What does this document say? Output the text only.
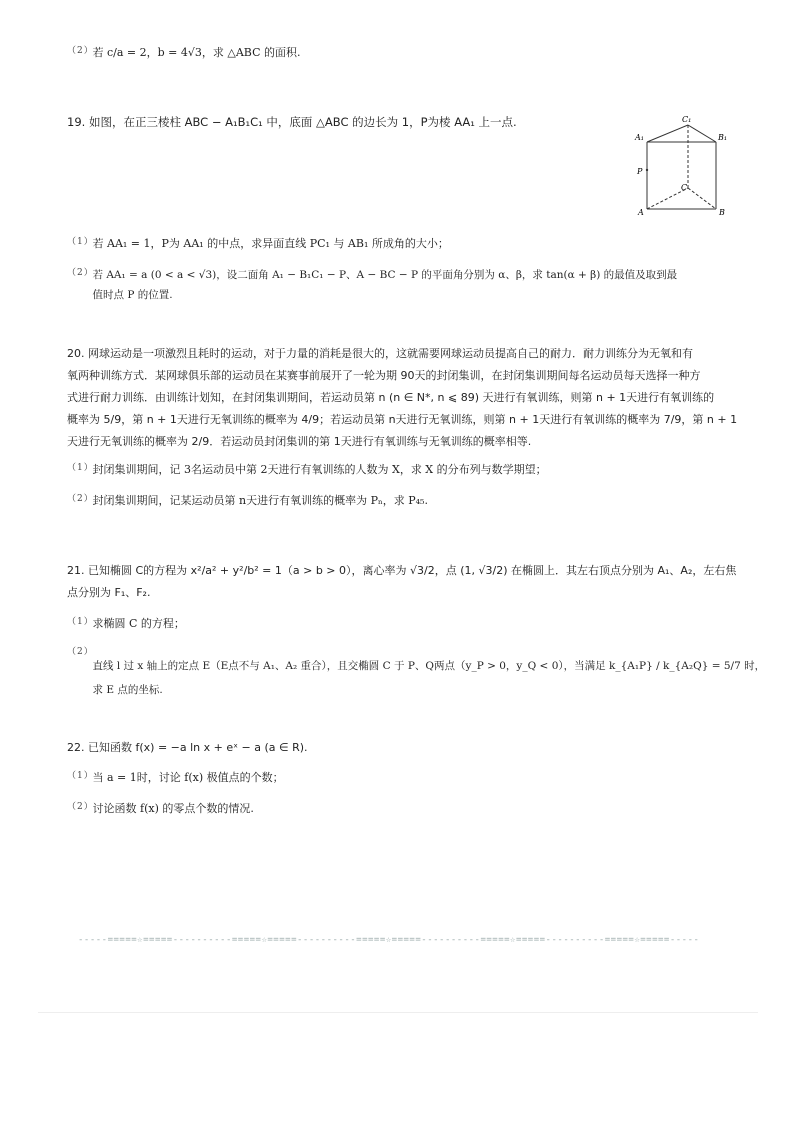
（2） 若 c/a = 2，b = 4√3，求 △ABC 的面积.
19. 如图，在正三棱柱 ABC − A₁B₁C₁ 中，底面 △ABC 的边长为 1，P为棱 AA₁ 上一点.	C₁
A₁	B₁
P
C
A	B
（1） 若 AA₁ = 1，P为 AA₁ 的中点，求异面直线 PC₁ 与 AB₁ 所成角的大小；
（2）
若 AA₁ = a (0 < a < √3)，设二面角 A₁ − B₁C₁ − P、A − BC − P 的平面角分别为 α、β，求 tan(α + β) 的最值及取到最
值时点 P 的位置.
20. 网球运动是一项激烈且耗时的运动，对于力量的消耗是很大的，这就需要网球运动员提高自己的耐力．耐力训练分为无氧和有
氧两种训练方式．某网球俱乐部的运动员在某赛事前展开了一轮为期 90天的封闭集训，在封闭集训期间每名运动员每天选择一种方
式进行耐力训练．由训练计划知，在封闭集训期间，若运动员第 n (n ∈ N*, n ⩽ 89) 天进行有氧训练，则第 n + 1天进行有氧训练的
概率为 5/9，第 n + 1天进行无氧训练的概率为 4/9；若运动员第 n天进行无氧训练，则第 n + 1天进行有氧训练的概率为 7/9，第 n + 1
天进行无氧训练的概率为 2/9．若运动员封闭集训的第 1天进行有氧训练与无氧训练的概率相等.
（1） 封闭集训期间，记 3名运动员中第 2天进行有氧训练的人数为 X，求 X 的分布列与数学期望；
（2） 封闭集训期间，记某运动员第 n天进行有氧训练的概率为 Pₙ，求 P₄₅.
21. 已知椭圆 C的方程为 x²/a² + y²/b² = 1（a > b > 0），离心率为 √3/2，点 (1, √3/2) 在椭圆上．其左右顶点分别为 A₁、A₂，左右焦
点分别为 F₁、F₂.
（1） 求椭圆 C 的方程；
（2）
直线 l 过 x 轴上的定点 E（E点不与 A₁、A₂ 重合），且交椭圆 C 于 P、Q两点（y_P > 0，y_Q < 0），当满足 k_{A₁P} / k_{A₂Q} = 5/7 时，
求 E 点的坐标.
22. 已知函数 f(x) = −a ln x + eˣ − a (a ∈ R).
（1） 当 a = 1时，讨论 f(x) 极值点的个数；
（2） 讨论函数 f(x) 的零点个数的情况.
-----=====☆=====----------=====☆=====----------=====☆=====----------=====☆=====----------=====☆=====-----
